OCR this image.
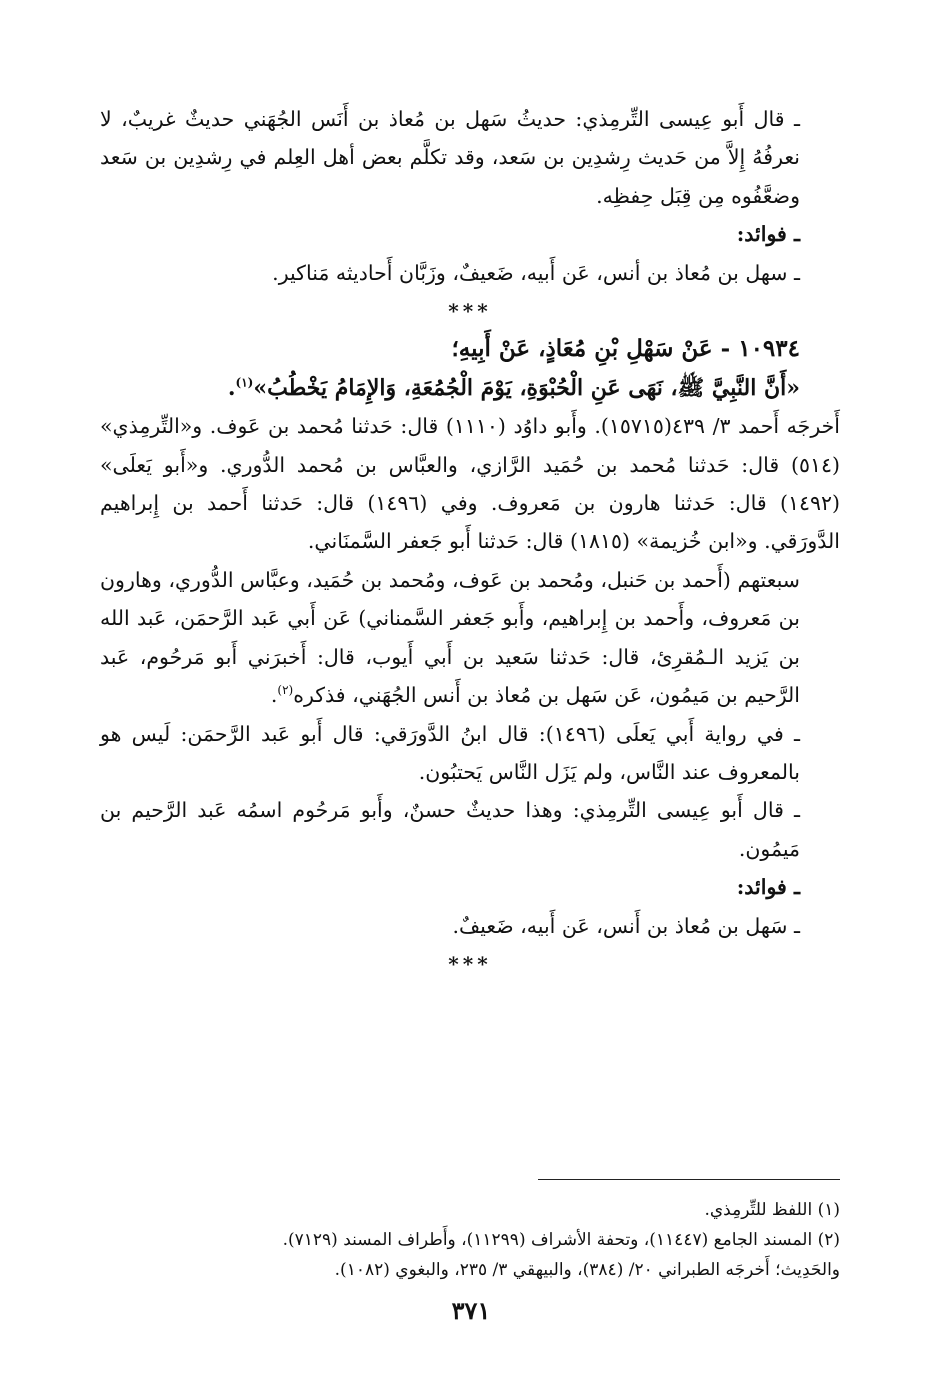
ـ قال أَبو عِيسى التِّرمِذي: حديثُ سَهل بن مُعاذ بن أَنَس الجُهَني حديثٌ غريبٌ، لا نعرفُهُ إِلاَّ من حَديث رِشدِين بن سَعد، وقد تكلَّم بعض أهل العِلم في رِشدِين بن سَعد وضعَّفُوه مِن قِبَل حِفظِه.

ـ فوائد:

ـ سهل بن مُعاذ بن أنس، عَن أَبيه، ضَعيفٌ، وزَبَّان أَحاديثه مَناكير.

***

١٠٩٣٤ - عَنْ سَهْلِ بْنِ مُعَاذٍ، عَنْ أَبِيهِ؛

«أَنَّ النَّبِيَّ ﷺ، نَهَى عَنِ الْحُبْوَةِ، يَوْمَ الْجُمُعَةِ، وَالإِمَامُ يَخْطُبُ»$^{(١)}$.

أَخرجَه أَحمد ٣/ ٤٣٩(١٥٧١٥). وأَبو داوُد (١١١٠) قال: حَدثنا مُحمد بن عَوف. و«التِّرمِذي» (٥١٤) قال: حَدثنا مُحمد بن حُمَيد الرَّازي، والعبَّاس بن مُحمد الدُّوري. و«أَبو يَعلَى» (١٤٩٢) قال: حَدثنا هارون بن مَعروف. وفي (١٤٩٦) قال: حَدثنا أَحمد بن إِبراهيم الدَّورَقي. و«ابن خُزيمة» (١٨١٥) قال: حَدثنا أَبو جَعفر السَّمنَاني.

سبعتهم (أَحمد بن حَنبل، ومُحمد بن عَوف، ومُحمد بن حُمَيد، وعبَّاس الدُّوري، وهارون بن مَعروف، وأَحمد بن إِبراهيم، وأَبو جَعفر السَّمناني) عَن أَبي عَبد الرَّحمَن، عَبد الله بن يَزيد الـمُقرِئ، قال: حَدثنا سَعيد بن أَبي أَيوب، قال: أَخبرَني أَبو مَرحُوم، عَبد الرَّحيم بن مَيمُون، عَن سَهل بن مُعاذ بن أَنس الجُهَني، فذكره$^{(٢)}$.

ـ في رواية أَبي يَعلَى (١٤٩٦): قال ابنُ الدَّورَقي: قال أَبو عَبد الرَّحمَن: لَيس هو بالمعروف عند النَّاس، ولم يَزَل النَّاس يَحتبُون.

ـ قال أَبو عِيسى التِّرمِذي: وهذا حديثٌ حسنٌ، وأَبو مَرحُوم اسمُه عَبد الرَّحيم بن مَيمُون.

ـ فوائد:

ـ سَهل بن مُعاذ بن أَنس، عَن أَبيه، ضَعيفٌ.

***

(١) اللفظ للتِّرمِذي.

(٢) المسند الجامع (١١٤٤٧)، وتحفة الأشراف (١١٢٩٩)، وأَطراف المسند (٧١٢٩).

والحَدِيث؛ أَخرجَه الطبراني ٢٠/ (٣٨٤)، والبيهقي ٣/ ٢٣٥، والبغوي (١٠٨٢).

٣٧١
